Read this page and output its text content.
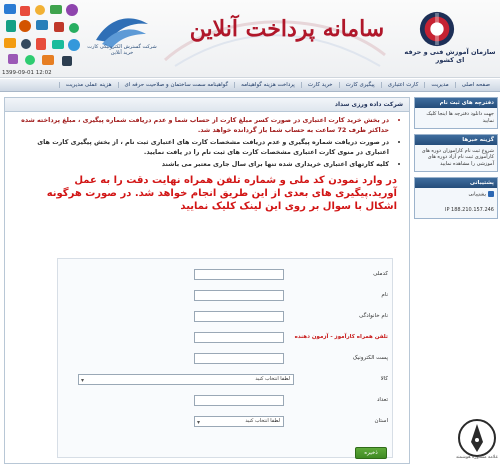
سامانه پرداخت آنلاین
سازمان آموزش فنی و حرفه ای کشور
شرکت گسترش الکترونیکی کارت خرید آنلاین
1399-09-01 12:02
صفحه اصلی
مدیریت
کارت اعتباری
پیگیری کارت
خرید کارت
پرداخت هزینه گواهینامه
گواهینامه سمت ساختمان و صلاحیت حرفه ای
هزینه عملی مدیریت
دفترچه های ثبت نام
جهت دانلود دفترچه ها اینجا کلیک نمایید
گزینه خبرها
شروع ثبت نام کاراموزان دوره های کارآموزی ثبت نام آزاد دوره های آموزشی را مشاهده نمایید
پشتیبانی
پشتیبانی
IP 188.210.157.246
شرکت داده ورزی سداد
• در بخش خرید کارت اعتباری در صورت کسر مبلغ کارت از حساب شما و عدم دریافت شماره پیگیری ، مبلغ پرداخته شده حداکثر ظرف 72 ساعت به حساب شما باز گردانده خواهد شد.
• در صورت دریافت شماره پیگیری و عدم دریافت مشخصات کارت های اعتباری ثبت نام ، از بخش پیگیری کارت های اعتباری در منوی کارت اعتباری مشخصات کارت های ثبت نام را در یافت نمایید.
• کلیه کارتهای اعتباری خریداری شده تنها برای سال جاری معتبر می باشند
در وارد نمودن کد ملی و شماره تلفن همراه نهایت دقت را به عمل آورید.پیگیری های بعدی از این طریق انجام خواهد شد. در صورت هرگونه اشکال با سوال بر روی این لینک کلیک نمایید
کدملی
نام
نام خانوادگی
تلفن همراه کارآموز - آزمون دهنده
پست الکترونیک
کالا
لطفا انتخاب کنید
▾
تعداد
استان
لطفا انتخاب کنید
▾
ذخیره
علامه مشاوره هوشمند
